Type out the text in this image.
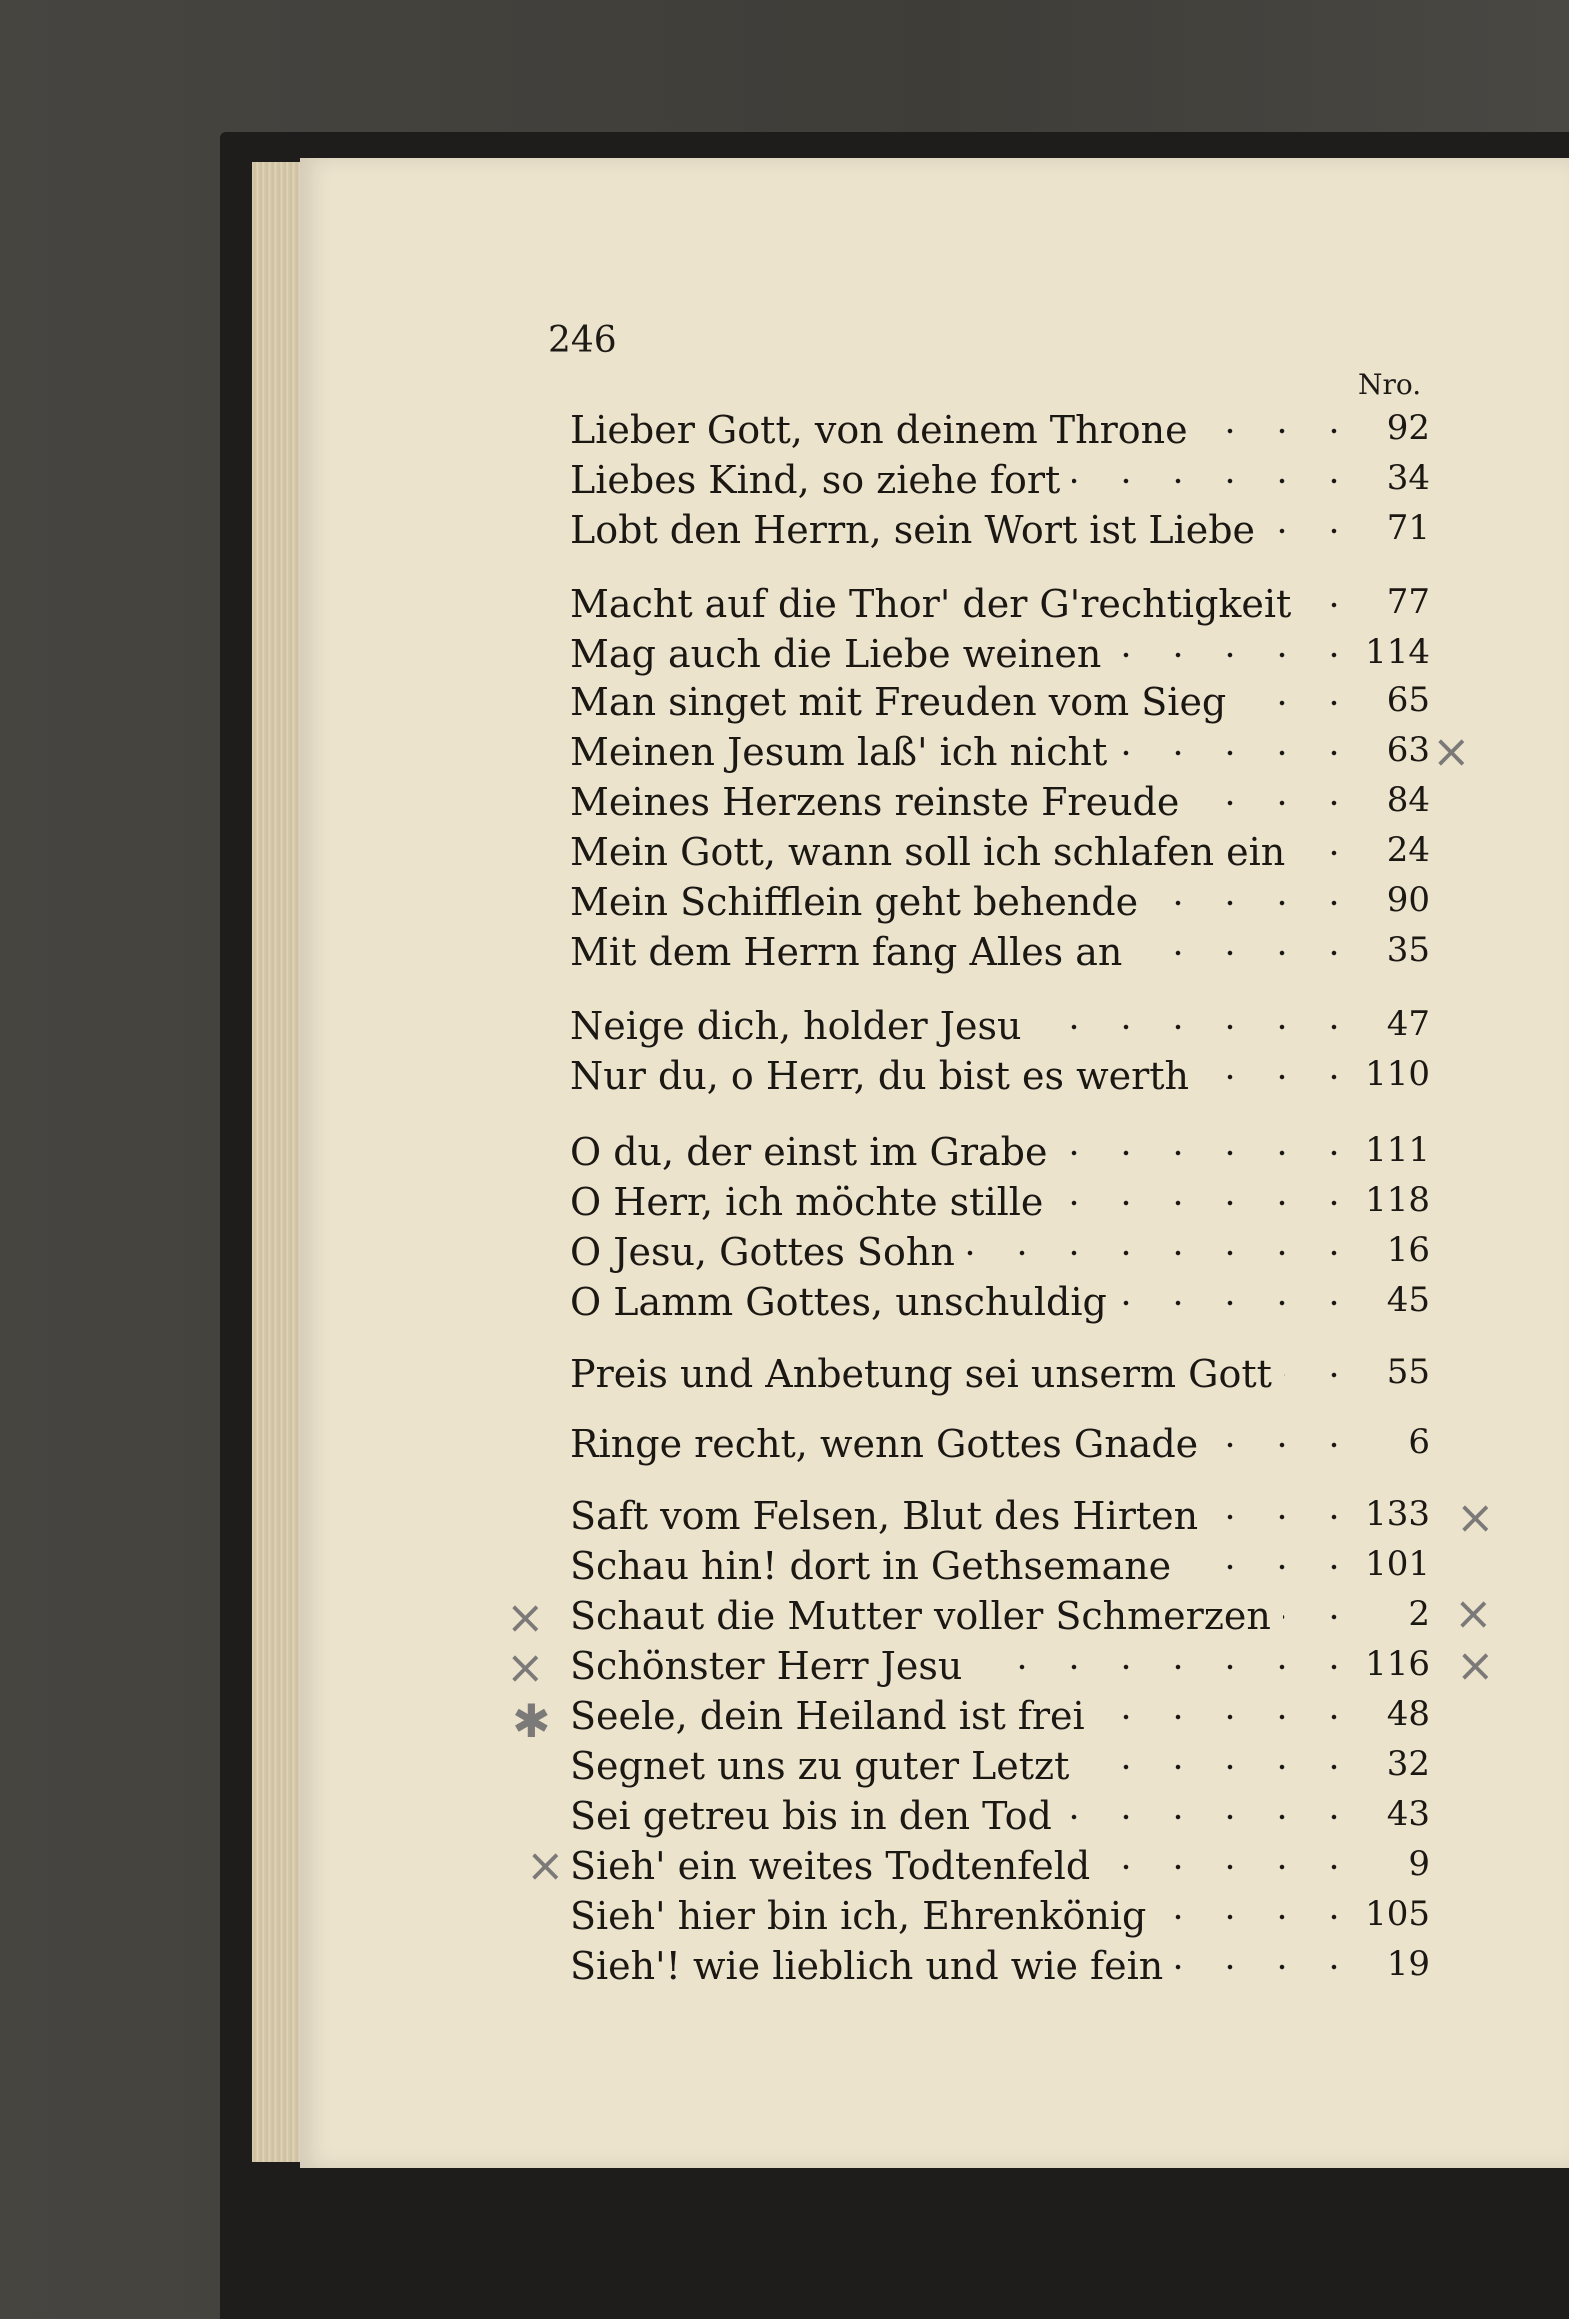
246
Nro.
Lieber Gott, von deinem Throne	92
Liebes Kind, so ziehe fort	34
Lobt den Herrn, sein Wort ist Liebe	71
Macht auf die Thor' der G'rechtigkeit	77
Mag auch die Liebe weinen	114
Man singet mit Freuden vom Sieg	65
Meinen Jesum laß' ich nicht	63
Meines Herzens reinste Freude	84
Mein Gott, wann soll ich schlafen ein	24
Mein Schifflein geht behende	90
Mit dem Herrn fang Alles an	35
Neige dich, holder Jesu	47
Nur du, o Herr, du bist es werth	110
O du, der einst im Grabe	111
O Herr, ich möchte stille	118
O Jesu, Gottes Sohn	16
O Lamm Gottes, unschuldig	45
Preis und Anbetung sei unserm Gott	55
Ringe recht, wenn Gottes Gnade	6
Saft vom Felsen, Blut des Hirten	133
Schau hin! dort in Gethsemane	101
Schaut die Mutter voller Schmerzen	2
Schönster Herr Jesu	116
Seele, dein Heiland ist frei	48
Segnet uns zu guter Letzt	32
Sei getreu bis in den Tod	43
Sieh' ein weites Todtenfeld	9
Sieh' hier bin ich, Ehrenkönig	105
Sieh'! wie lieblich und wie fein	19
×
×
×
×
×
×
✱
×
